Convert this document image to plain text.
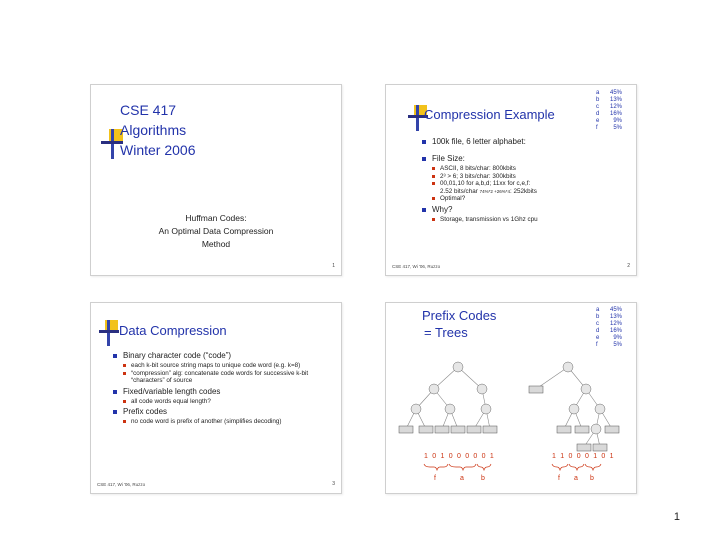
CSE 417
Algorithms
Winter 2006
Huffman Codes:
An Optimal Data Compression
Method
1
Compression Example
a	45%
b	13%
c	12%
d	16%
e	9%
f	5%
100k file, 6 letter alphabet:
File Size:
ASCII, 8 bits/char: 800kbits
2³ > 6; 3 bits/char: 300kbits
00,01,10 for a,b,d; 11xx for c,e,f:
2.52 bits/char 74%*2 +26%*4: 252kbits
Optimal?
Why?
Storage, transmission vs 1Ghz cpu
CSE 417, Wi '06, Ruzzo	2
Data Compression
Binary character code (“code”)
each k-bit source string maps to unique code word (e.g. k=8)
“compression” alg: concatenate code words for successive k-bit “characters” of source
Fixed/variable length codes
all code words equal length?
Prefix codes
no code word is prefix of another (simplifies decoding)
CSE 417, Wi '06, Ruzzo	3
Prefix Codes
= Trees
a	45%
b	13%
c	12%
d	16%
e	9%
f	5%
1 0 1 0 0 0 0 0 1	1 1 0 0 0 1 0 1
f	a b	f a b
1
